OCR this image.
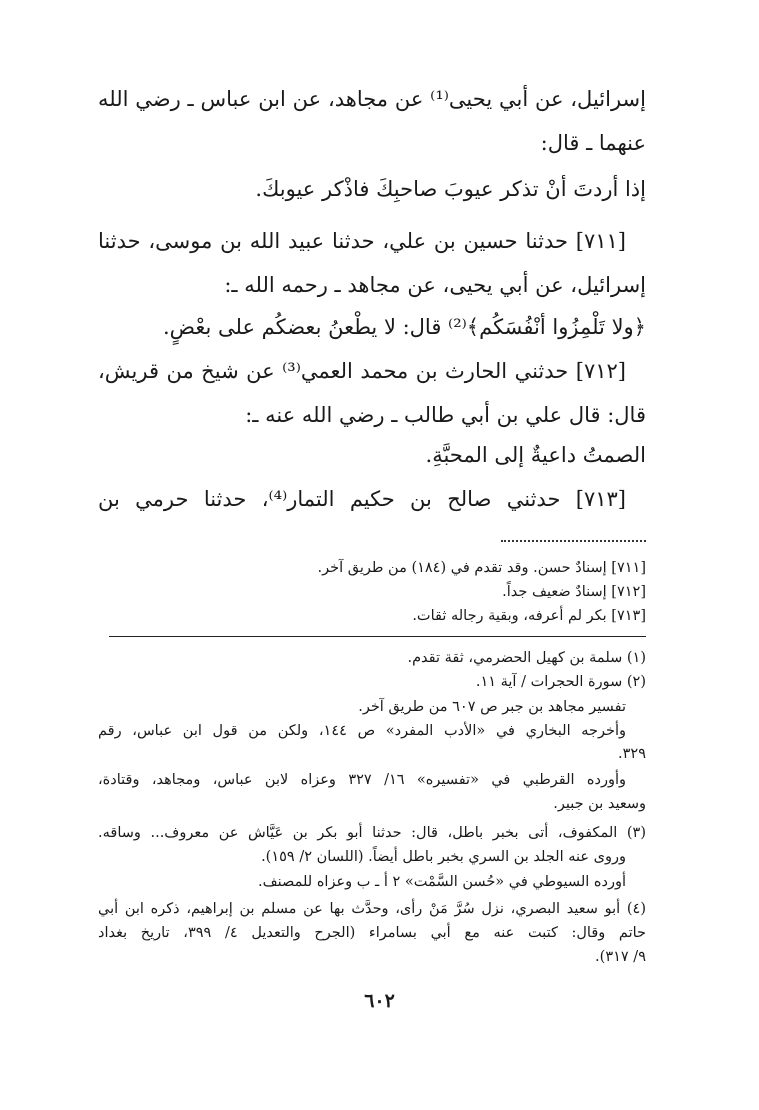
إسرائيل، عن أبي يحيى⁽¹⁾ عن مجاهد، عن ابن عباس ـ رضي الله
عنهما ـ قال:
إذا أردتَ أنْ تذكر عيوبَ صاحبِكَ فاذْكر عيوبكَ.
[٧١١] حدثنا حسين بن علي، حدثنا عبيد الله بن موسى، حدثنا
إسرائيل، عن أبي يحيى، عن مجاهد ـ رحمه الله ـ:
﴿ولا تَلْمِزُوا أنْفُسَكُم﴾⁽²⁾ قال: لا يطْعنُ بعضكُم على بعْضٍ.
[٧١٢] حدثني الحارث بن محمد العمي⁽³⁾ عن شيخ من قريش،
قال: قال علي بن أبي طالب ـ رضي الله عنه ـ:
الصمتُ داعيةٌ إلى المحبَّةِ.
[٧١٣] حدثني صالح بن حكيم التمار⁽⁴⁾، حدثنا حرمي بن
[٧١١] إسنادٌ حسن. وقد تقدم في (١٨٤) من طريق آخر.
[٧١٢] إسنادٌ ضعيف جداً.
[٧١٣] بكر لم أعرفه، وبقية رجاله ثقات.
(١) سلمة بن كهيل الحضرمي، ثقة تقدم.
(٢) سورة الحجرات / آية ١١.
تفسير مجاهد بن جبر ص ٦٠٧ من طريق آخر.
وأخرجه البخاري في «الأدب المفرد» ص ١٤٤، ولكن من قول ابن عباس، رقم
٣٢٩.
وأورده القرطبي في «تفسيره» ١٦/ ٣٢٧ وعزاه لابن عباس، ومجاهد، وقتادة،
وسعيد بن جبير.
(٣) المكفوف، أتى بخبر باطل، قال: حدثنا أبو بكر بن عَيَّاش عن معروف... وساقه.
وروى عنه الجلد بن السري بخبر باطل أيضاً. (اللسان ٢/ ١٥٩).
أورده السيوطي في «حُسن السَّمْت» ٢ أ ـ ب وعزاه للمصنف.
(٤) أبو سعيد البصري، نزل سُرَّ مَنْ رأى، وحدَّث بها عن مسلم بن إبراهيم، ذكره ابن أبي
حاتم وقال: كتبت عنه مع أبي بسامراء (الجرح والتعديل ٤/ ٣٩٩، تاريخ بغداد
٩/ ٣١٧).
٦٠٢
